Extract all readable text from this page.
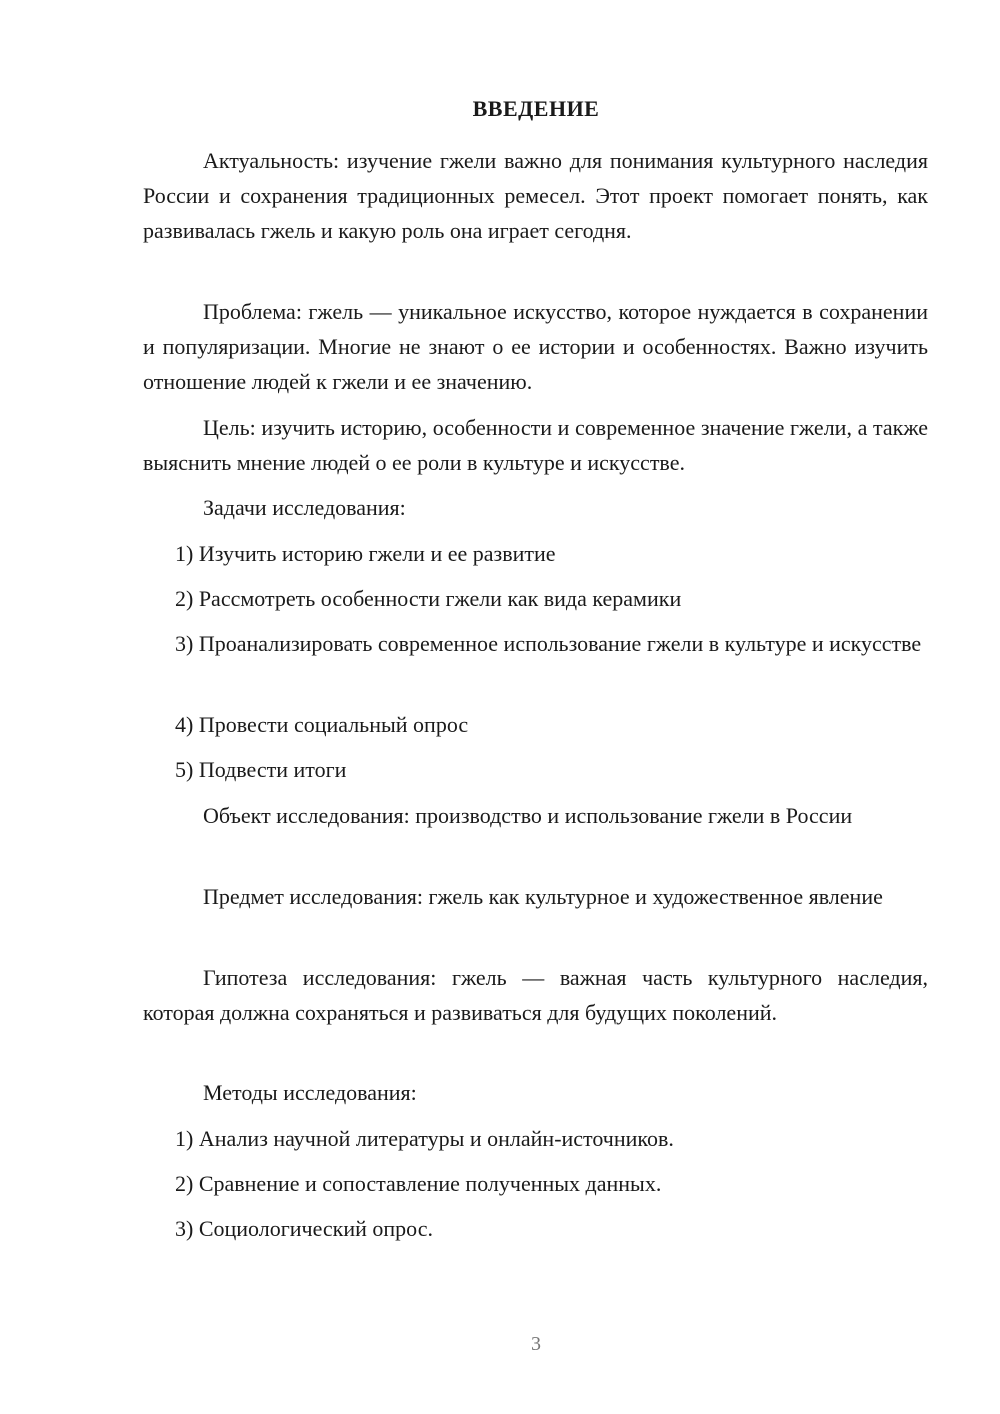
ВВЕДЕНИЕ
Актуальность: изучение гжели важно для понимания культурного наследия России и сохранения традиционных ремесел. Этот проект помогает понять, как развивалась гжель и какую роль она играет сегодня.
Проблема: гжель — уникальное искусство, которое нуждается в сохранении и популяризации. Многие не знают о ее истории и особенностях. Важно изучить отношение людей к гжели и ее значению.
Цель: изучить историю, особенности и современное значение гжели, а также выяснить мнение людей о ее роли в культуре и искусстве.
Задачи исследования:
1) Изучить историю гжели и ее развитие
2) Рассмотреть особенности гжели как вида керамики
3) Проанализировать современное использование гжели в культуре и искусстве
4) Провести социальный опрос
5) Подвести итоги
Объект исследования: производство и использование гжели в России
Предмет исследования: гжель как культурное и художественное явление
Гипотеза исследования: гжель — важная часть культурного наследия, которая должна сохраняться и развиваться для будущих поколений.
Методы исследования:
1) Анализ научной литературы и онлайн-источников.
2) Сравнение и сопоставление полученных данных.
3) Социологический опрос.
3
